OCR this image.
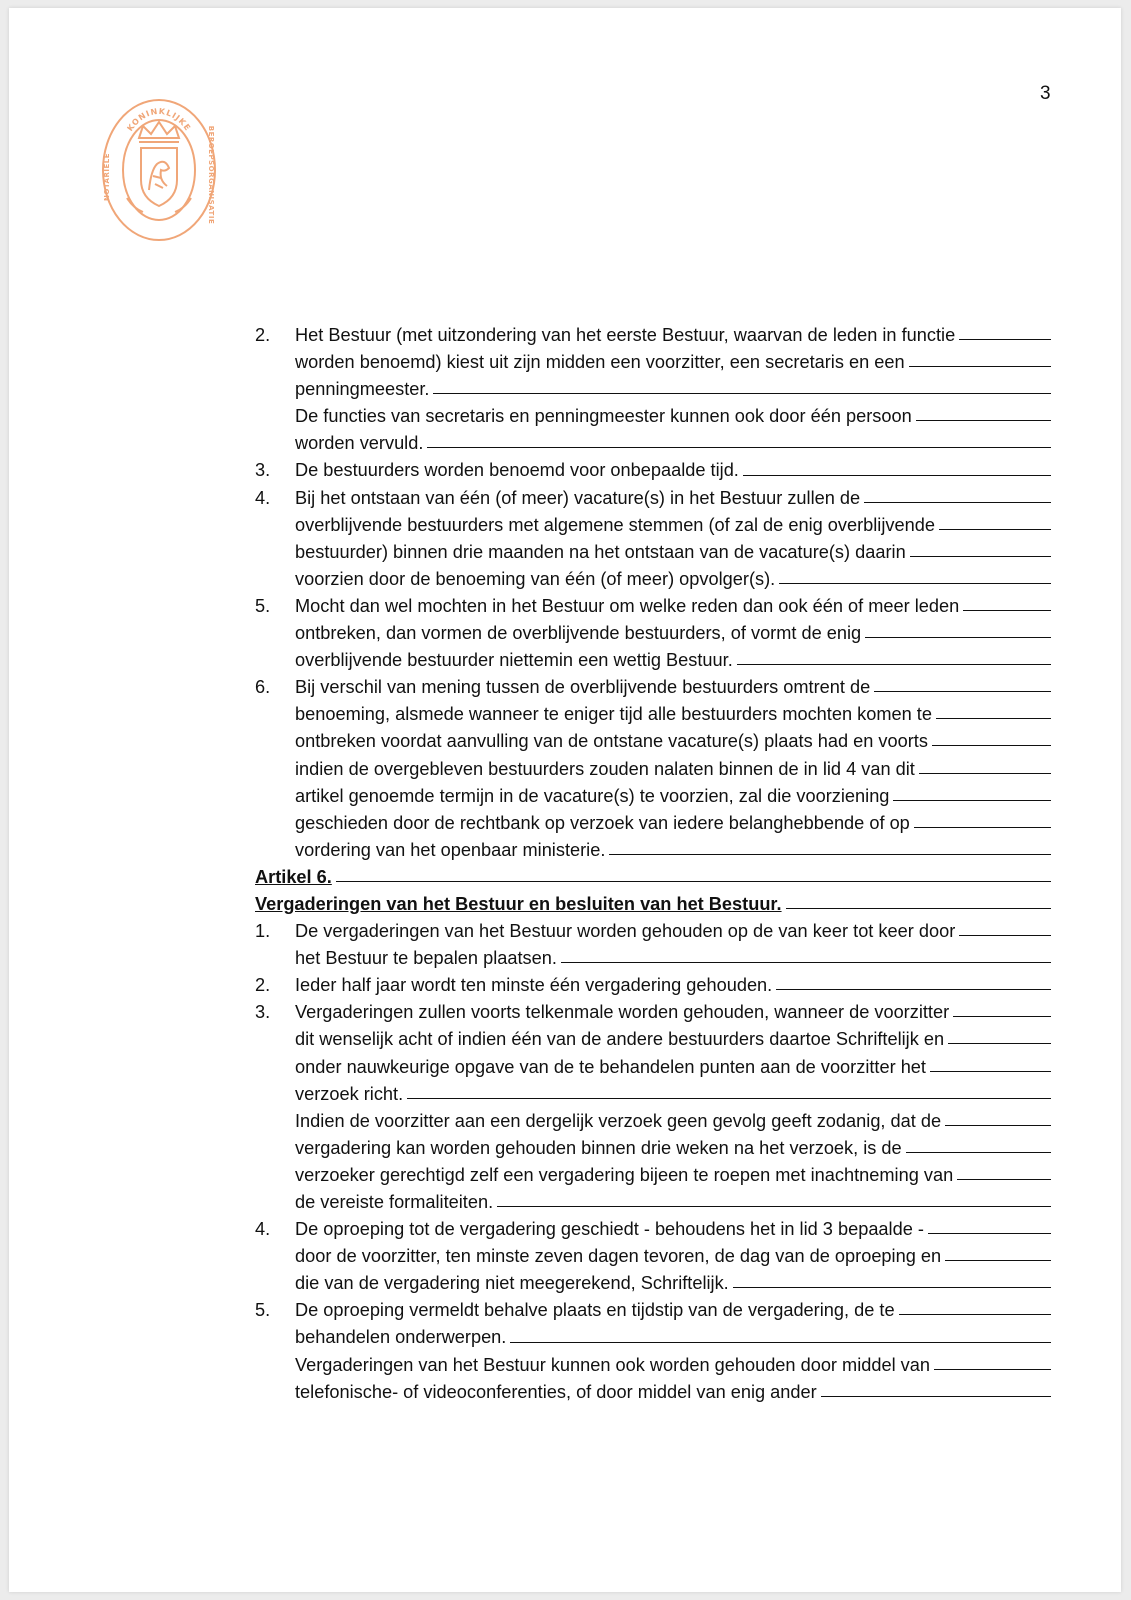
3
KONINKLIJKE
NOTARIËLE	BEROEPSORGANISATIE
2.	Het Bestuur (met uitzondering van het eerste Bestuur, waarvan de leden in functie
worden benoemd) kiest uit zijn midden een voorzitter, een secretaris en een
penningmeester.
De functies van secretaris en penningmeester kunnen ook door één persoon
worden vervuld.
3.	De bestuurders worden benoemd voor onbepaalde tijd.
4.	Bij het ontstaan van één (of meer) vacature(s) in het Bestuur zullen de
overblijvende bestuurders met algemene stemmen (of zal de enig overblijvende
bestuurder) binnen drie maanden na het ontstaan van de vacature(s) daarin
voorzien door de benoeming van één (of meer) opvolger(s).
5.	Mocht dan wel mochten in het Bestuur om welke reden dan ook één of meer leden
ontbreken, dan vormen de overblijvende bestuurders, of vormt de enig
overblijvende bestuurder niettemin een wettig Bestuur.
6.	Bij verschil van mening tussen de overblijvende bestuurders omtrent de
benoeming, alsmede wanneer te eniger tijd alle bestuurders mochten komen te
ontbreken voordat aanvulling van de ontstane vacature(s) plaats had en voorts
indien de overgebleven bestuurders zouden nalaten binnen de in lid 4 van dit
artikel genoemde termijn in de vacature(s) te voorzien, zal die voorziening
geschieden door de rechtbank op verzoek van iedere belanghebbende of op
vordering van het openbaar ministerie.
Artikel 6.
Vergaderingen van het Bestuur en besluiten van het Bestuur.
1.	De vergaderingen van het Bestuur worden gehouden op de van keer tot keer door
het Bestuur te bepalen plaatsen.
2.	Ieder half jaar wordt ten minste één vergadering gehouden.
3.	Vergaderingen zullen voorts telkenmale worden gehouden, wanneer de voorzitter
dit wenselijk acht of indien één van de andere bestuurders daartoe Schriftelijk en
onder nauwkeurige opgave van de te behandelen punten aan de voorzitter het
verzoek richt.
Indien de voorzitter aan een dergelijk verzoek geen gevolg geeft zodanig, dat de
vergadering kan worden gehouden binnen drie weken na het verzoek, is de
verzoeker gerechtigd zelf een vergadering bijeen te roepen met inachtneming van
de vereiste formaliteiten.
4.	De oproeping tot de vergadering geschiedt - behoudens het in lid 3 bepaalde -
door de voorzitter, ten minste zeven dagen tevoren, de dag van de oproeping en
die van de vergadering niet meegerekend, Schriftelijk.
5.	De oproeping vermeldt behalve plaats en tijdstip van de vergadering, de te
behandelen onderwerpen.
Vergaderingen van het Bestuur kunnen ook worden gehouden door middel van
telefonische- of videoconferenties, of door middel van enig ander
